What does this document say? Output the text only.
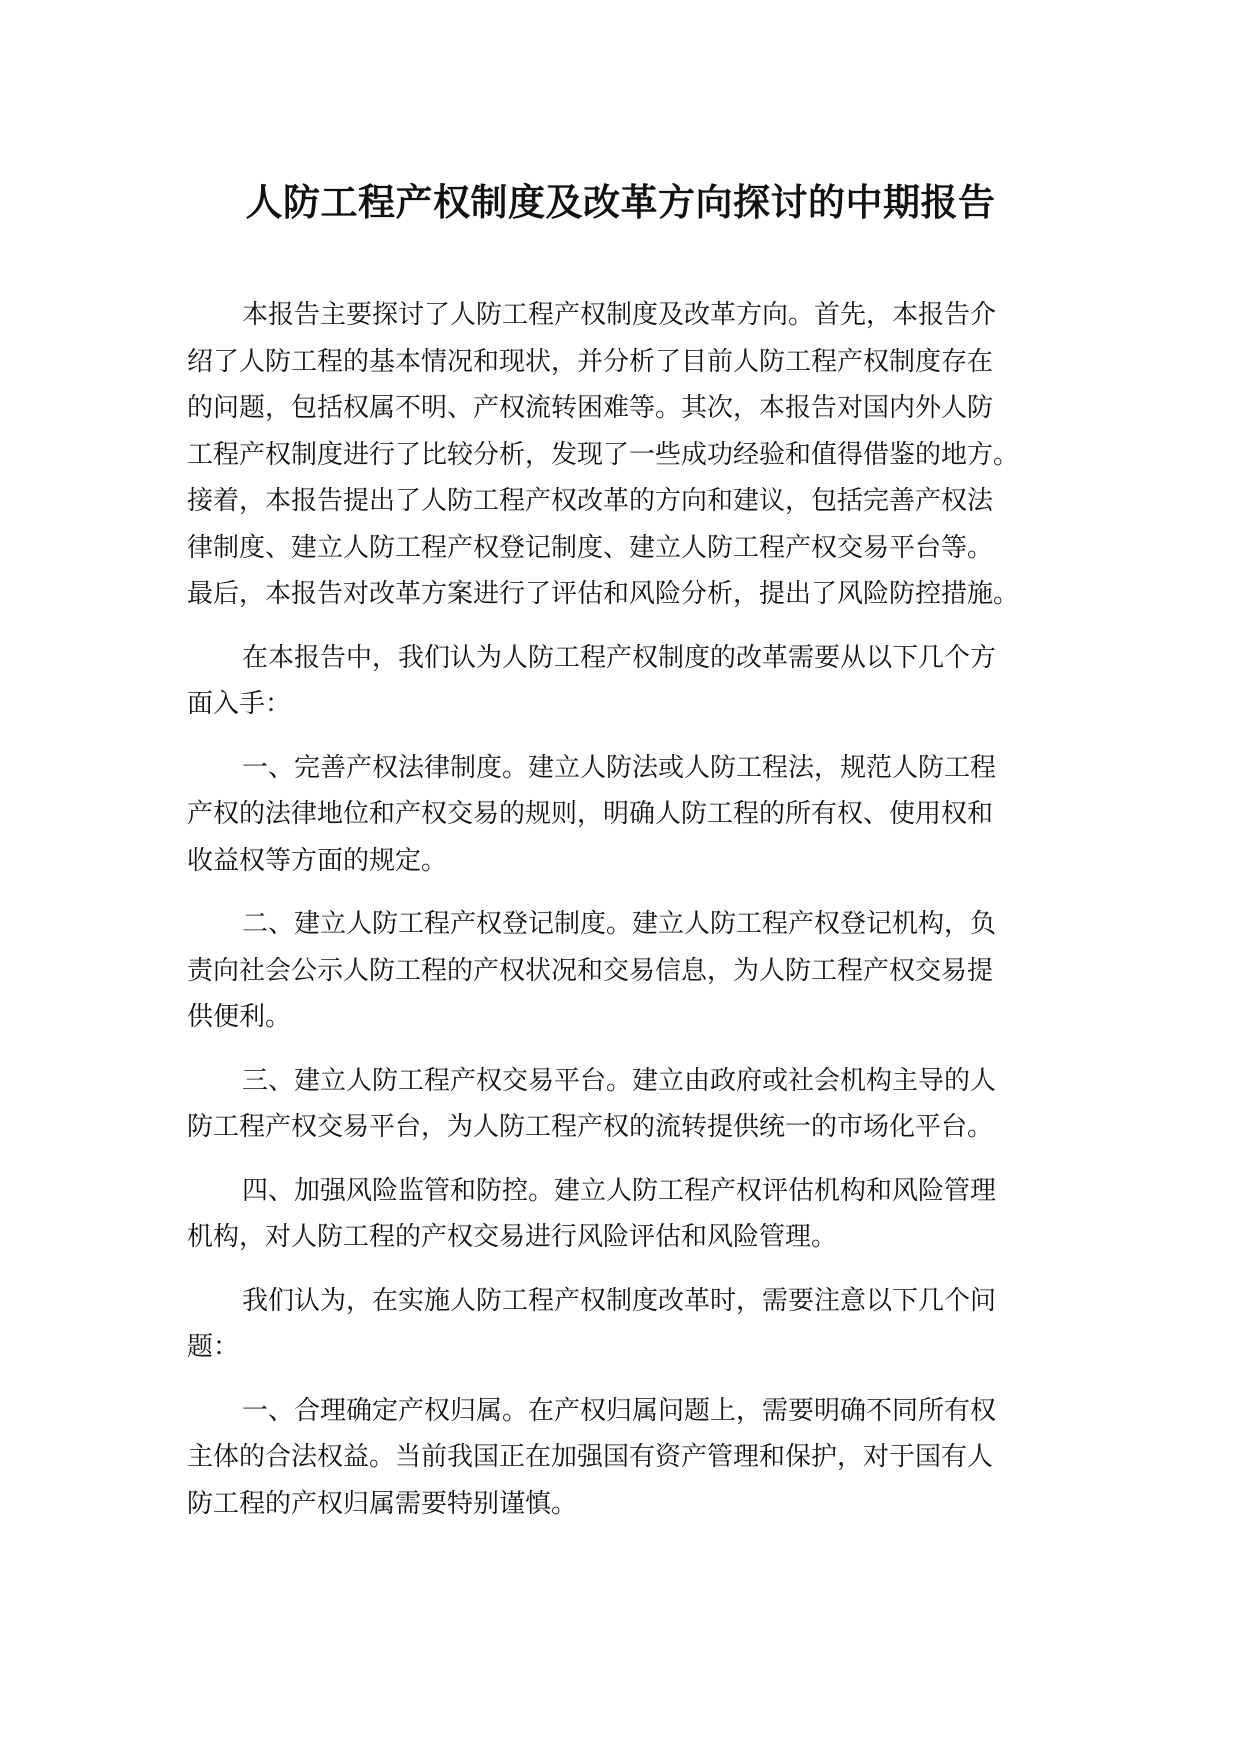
人防工程产权制度及改革方向探讨的中期报告
本报告主要探讨了人防工程产权制度及改革方向。首先，本报告介
绍了人防工程的基本情况和现状，并分析了目前人防工程产权制度存在
的问题，包括权属不明、产权流转困难等。其次，本报告对国内外人防
工程产权制度进行了比较分析，发现了一些成功经验和值得借鉴的地方。
接着，本报告提出了人防工程产权改革的方向和建议，包括完善产权法
律制度、建立人防工程产权登记制度、建立人防工程产权交易平台等。
最后，本报告对改革方案进行了评估和风险分析，提出了风险防控措施。
在本报告中，我们认为人防工程产权制度的改革需要从以下几个方
面入手：
一、完善产权法律制度。建立人防法或人防工程法，规范人防工程
产权的法律地位和产权交易的规则，明确人防工程的所有权、使用权和
收益权等方面的规定。
二、建立人防工程产权登记制度。建立人防工程产权登记机构，负
责向社会公示人防工程的产权状况和交易信息，为人防工程产权交易提
供便利。
三、建立人防工程产权交易平台。建立由政府或社会机构主导的人
防工程产权交易平台，为人防工程产权的流转提供统一的市场化平台。
四、加强风险监管和防控。建立人防工程产权评估机构和风险管理
机构，对人防工程的产权交易进行风险评估和风险管理。
我们认为，在实施人防工程产权制度改革时，需要注意以下几个问
题：
一、合理确定产权归属。在产权归属问题上，需要明确不同所有权
主体的合法权益。当前我国正在加强国有资产管理和保护，对于国有人
防工程的产权归属需要特别谨慎。
